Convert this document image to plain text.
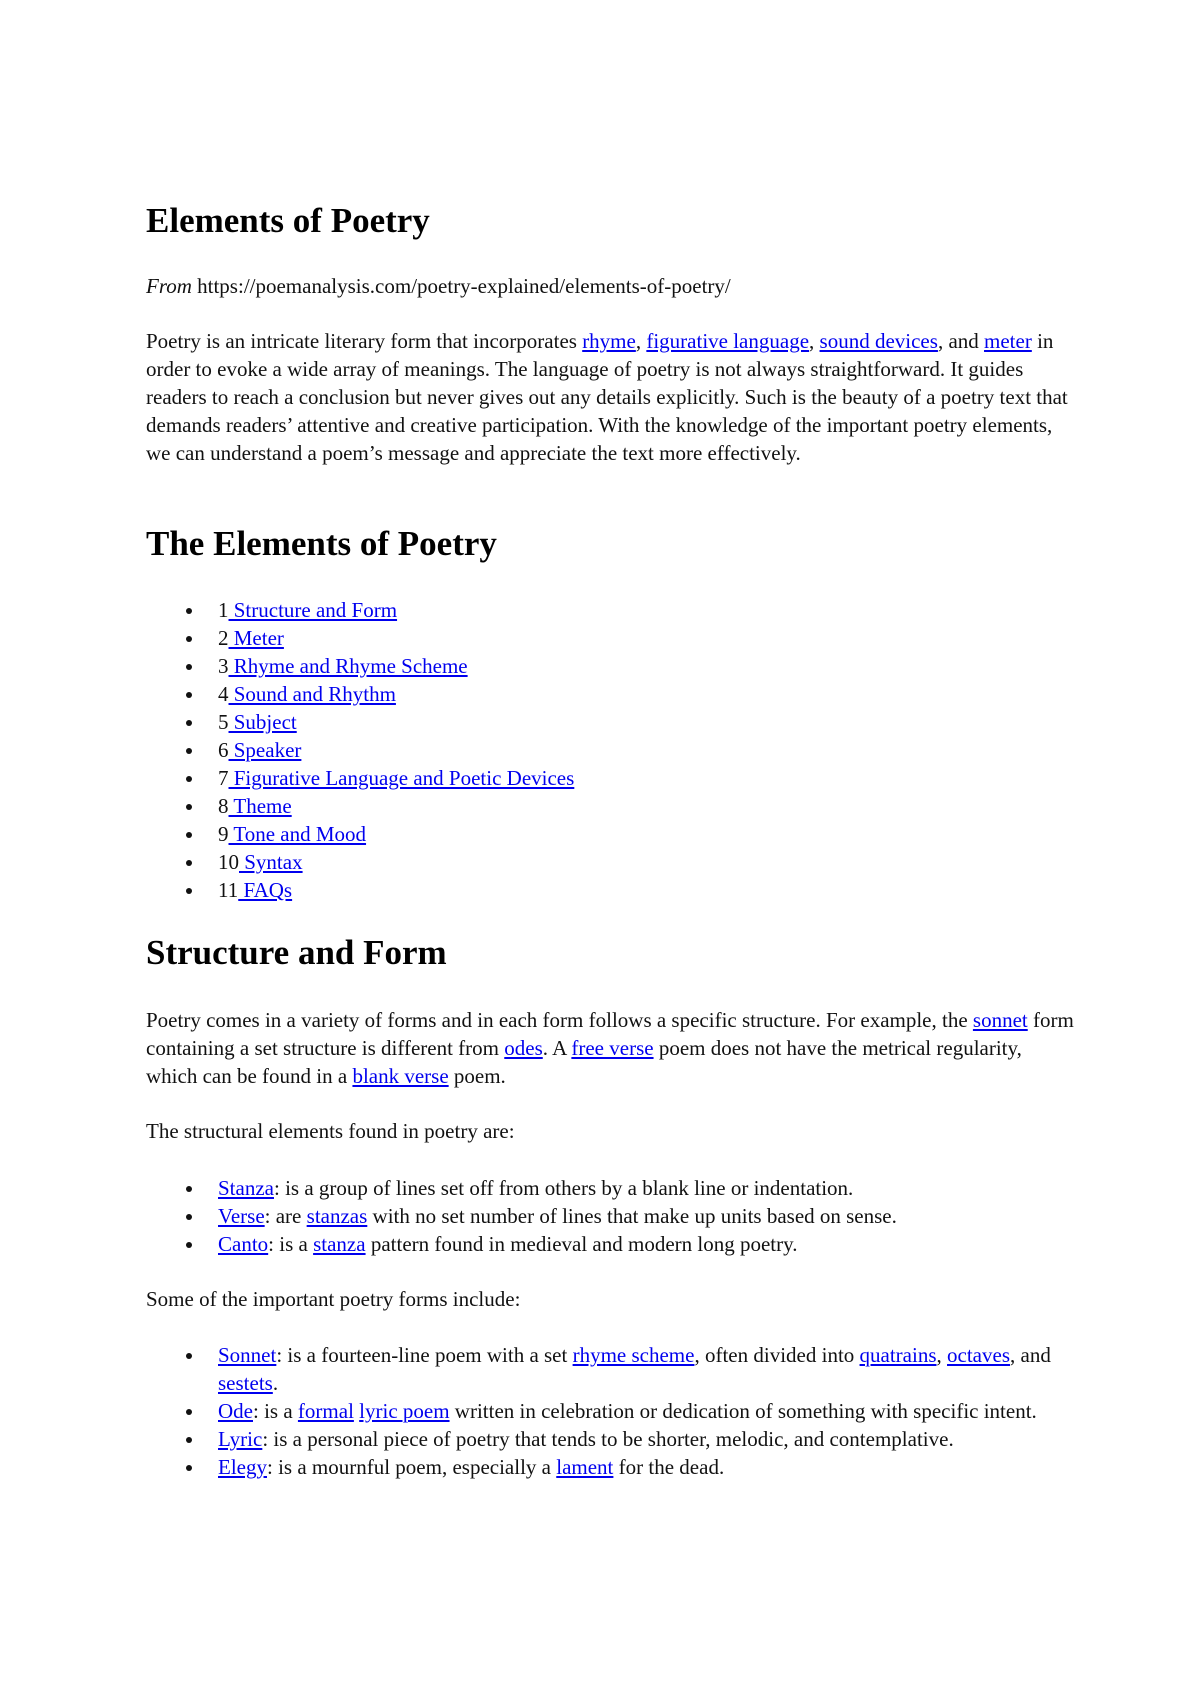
Elements of Poetry
From https://poemanalysis.com/poetry-explained/elements-of-poetry/

Poetry is an intricate literary form that incorporates rhyme, figurative language, sound devices, and meter in order to evoke a wide array of meanings. The language of poetry is not always straightforward. It guides readers to reach a conclusion but never gives out any details explicitly. Such is the beauty of a poetry text that demands readers’ attentive and creative participation. With the knowledge of the important poetry elements, we can understand a poem’s message and appreciate the text more effectively.

The Elements of Poetry
1 Structure and Form
2 Meter
3 Rhyme and Rhyme Scheme
4 Sound and Rhythm
5 Subject
6 Speaker
7 Figurative Language and Poetic Devices
8 Theme
9 Tone and Mood
10 Syntax
11 FAQs
Structure and Form

Poetry comes in a variety of forms and in each form follows a specific structure. For example, the sonnet form containing a set structure is different from odes. A free verse poem does not have the metrical regularity, which can be found in a blank verse poem.

The structural elements found in poetry are:

Stanza: is a group of lines set off from others by a blank line or indentation.
Verse: are stanzas with no set number of lines that make up units based on sense.
Canto: is a stanza pattern found in medieval and modern long poetry.

Some of the important poetry forms include:

Sonnet: is a fourteen-line poem with a set rhyme scheme, often divided into quatrains, octaves, and sestets.
Ode: is a formal lyric poem written in celebration or dedication of something with specific intent.
Lyric: is a personal piece of poetry that tends to be shorter, melodic, and contemplative.
Elegy: is a mournful poem, especially a lament for the dead.
